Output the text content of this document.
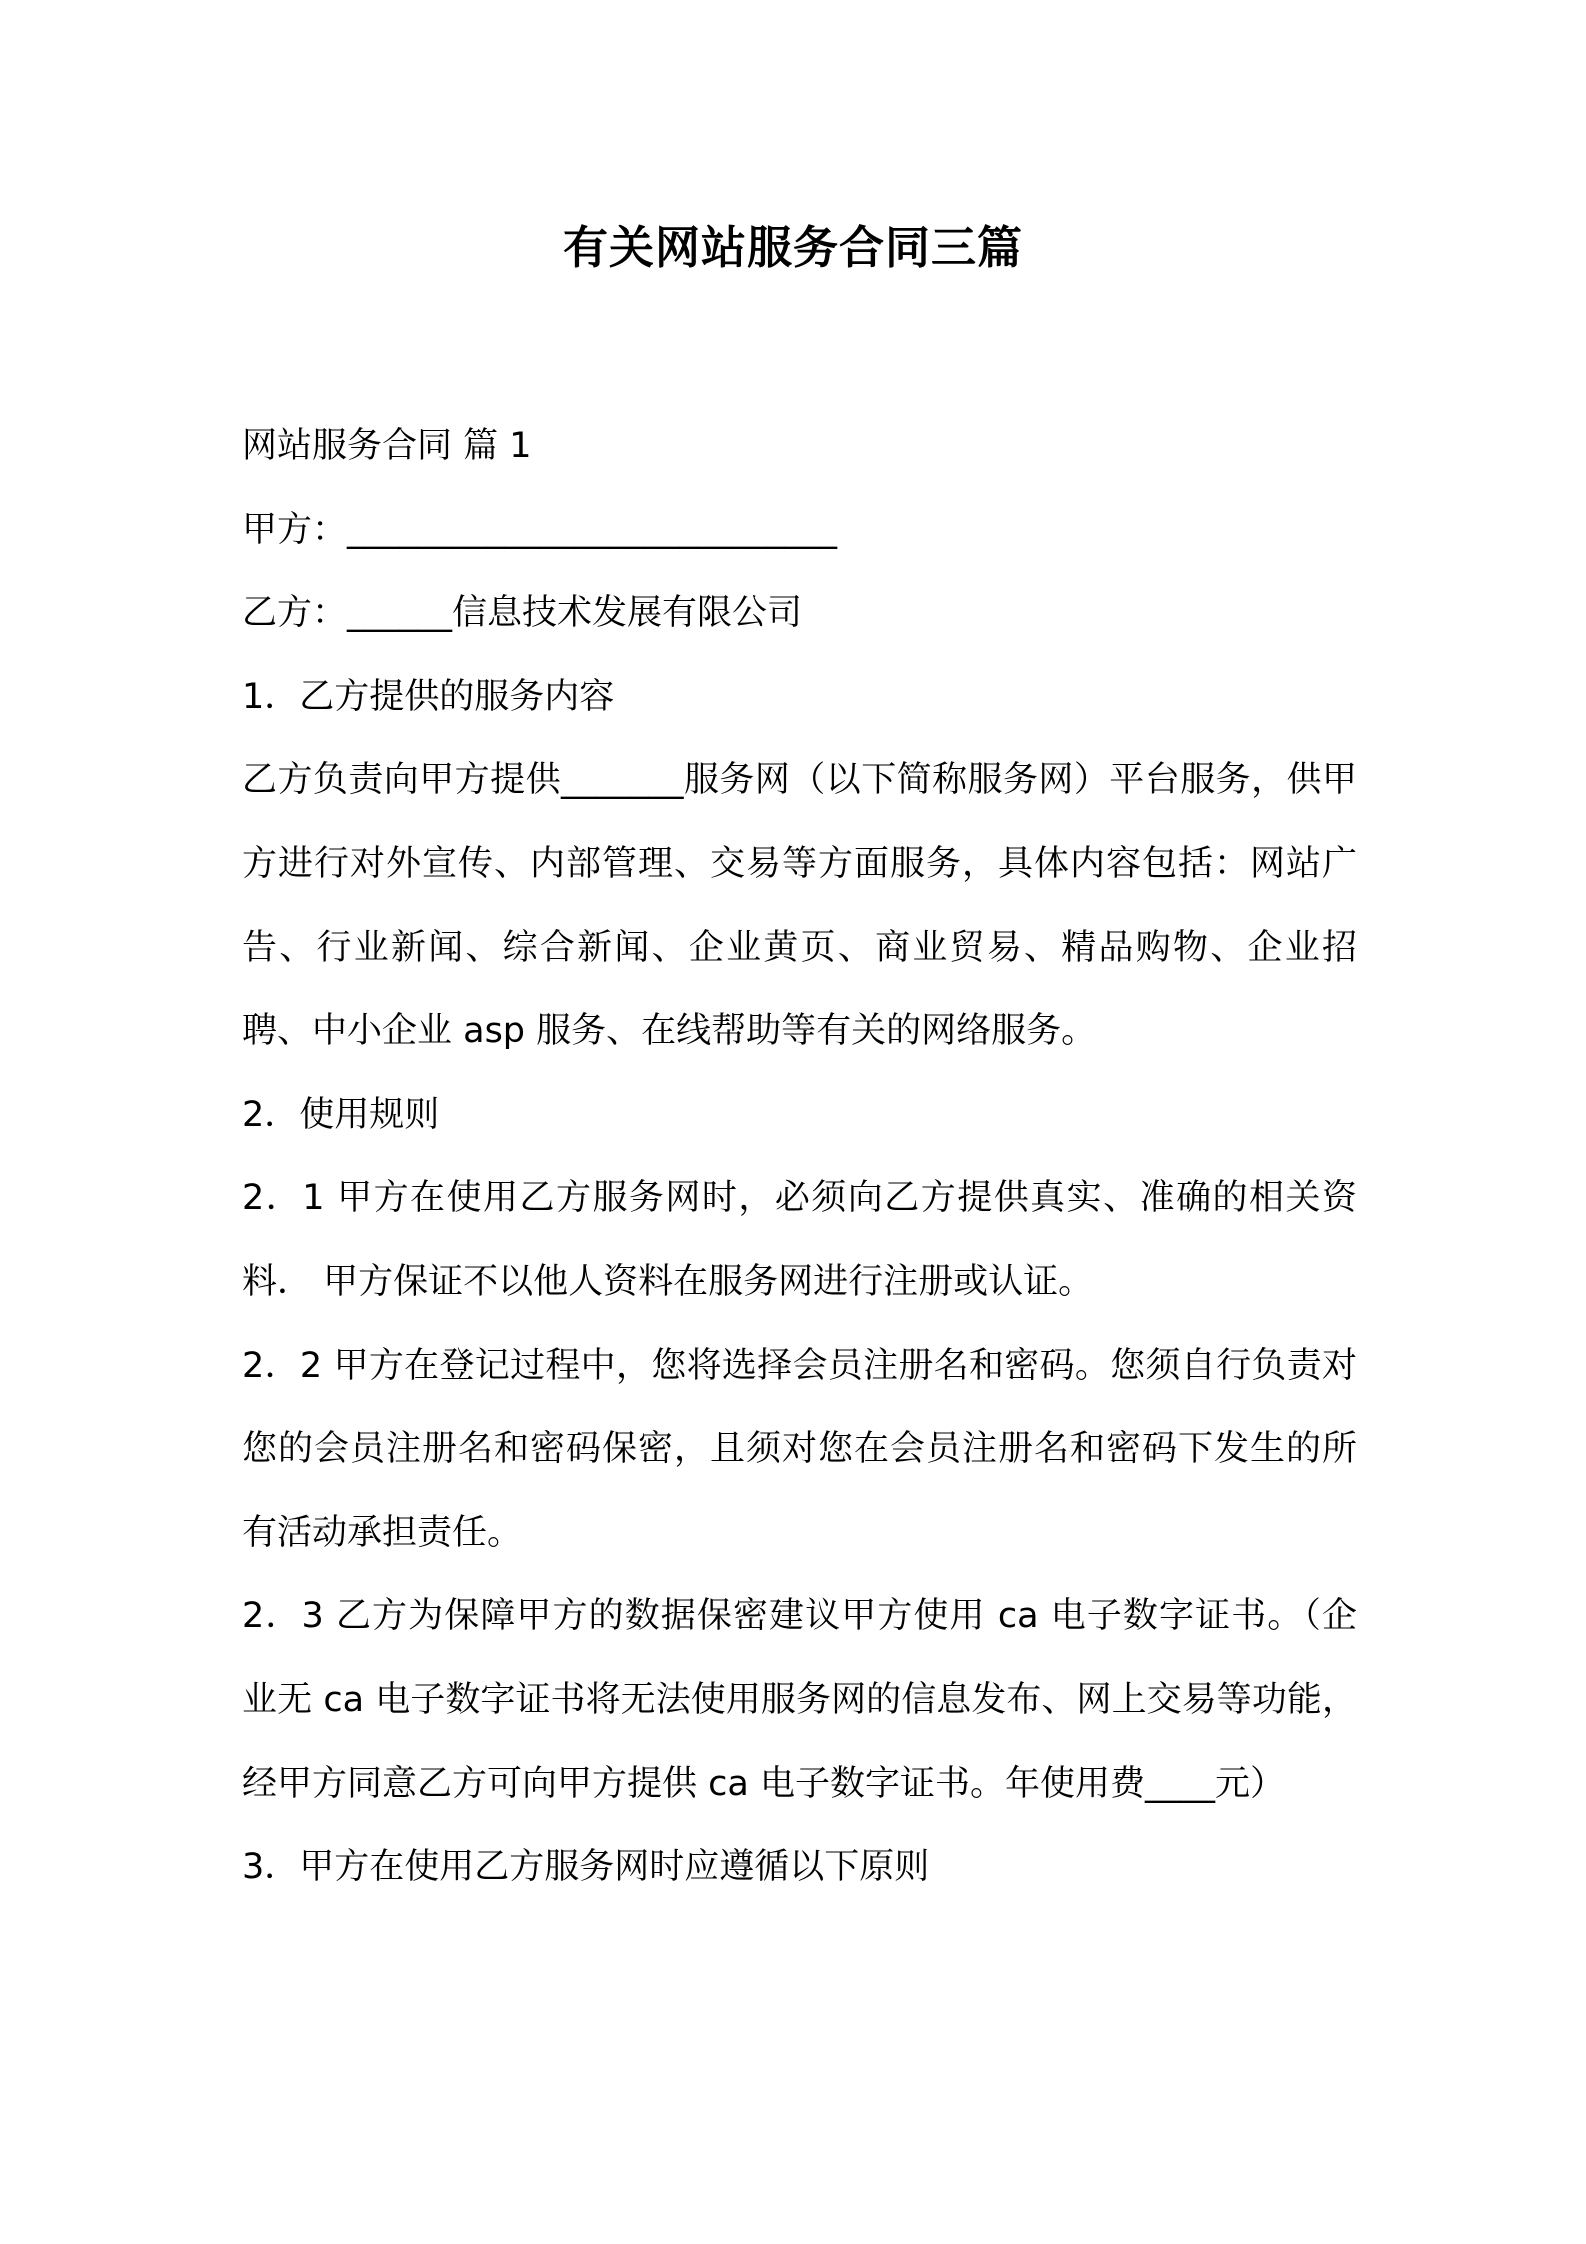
有关网站服务合同三篇

网站服务合同 篇 1

甲方：____________________________

乙方：______信息技术发展有限公司

1．乙方提供的服务内容

乙方负责向甲方提供_______服务网（以下简称服务网）平台服务，供甲方进行对外宣传、内部管理、交易等方面服务，具体内容包括：网站广告、行业新闻、综合新闻、企业黄页、商业贸易、精品购物、企业招聘、中小企业 asp 服务、在线帮助等有关的网络服务。

2．使用规则

2．1 甲方在使用乙方服务网时，必须向乙方提供真实、准确的相关资料． 甲方保证不以他人资料在服务网进行注册或认证。

2．2 甲方在登记过程中，您将选择会员注册名和密码。您须自行负责对您的会员注册名和密码保密，且须对您在会员注册名和密码下发生的所有活动承担责任。

2．3 乙方为保障甲方的数据保密建议甲方使用 ca 电子数字证书。（企业无 ca 电子数字证书将无法使用服务网的信息发布、网上交易等功能，经甲方同意乙方可向甲方提供 ca 电子数字证书。年使用费____元）

3．甲方在使用乙方服务网时应遵循以下原则
